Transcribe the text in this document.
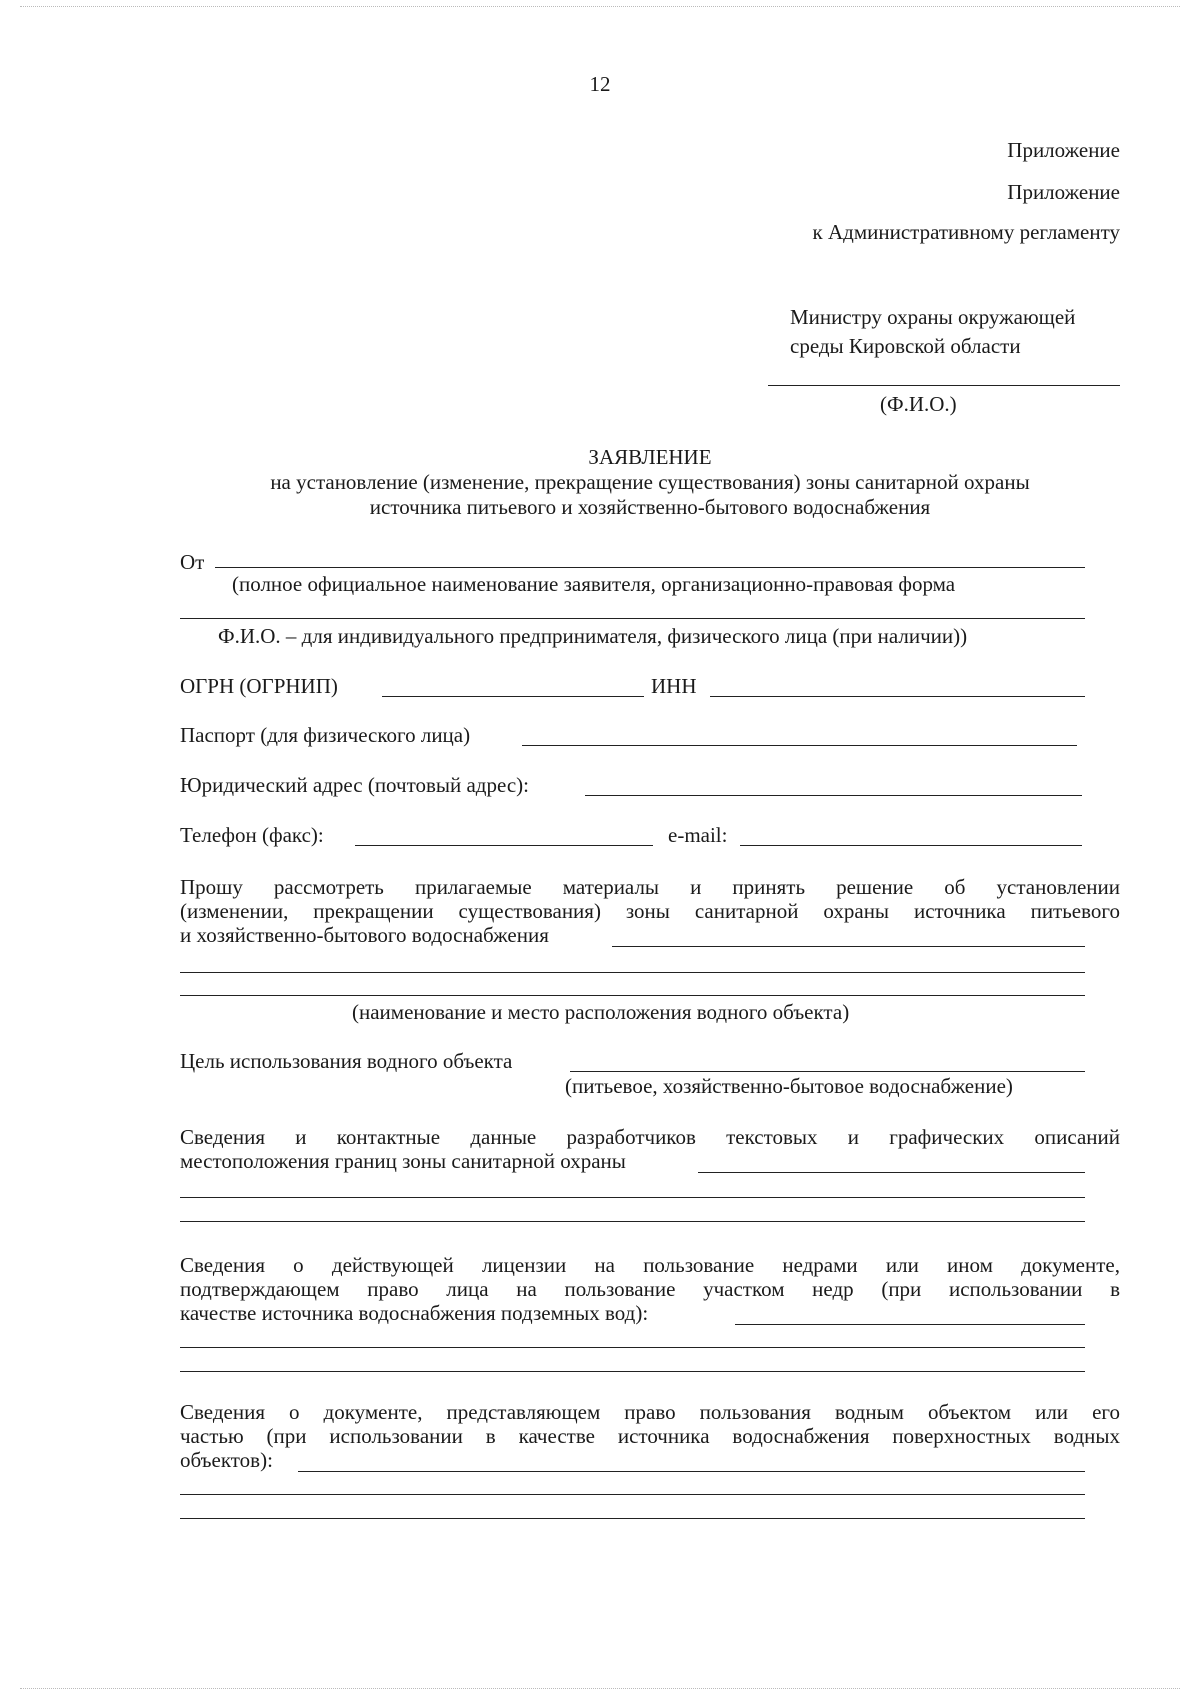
12
Приложение
Приложение
к Административному регламенту
Министру охраны окружающей
среды Кировской области
(Ф.И.О.)
ЗАЯВЛЕНИЕ
на установление (изменение, прекращение существования) зоны санитарной охраны
источника питьевого и хозяйственно-бытового водоснабжения
От
(полное официальное наименование заявителя, организационно-правовая форма
Ф.И.О. – для индивидуального предпринимателя, физического лица (при наличии))
ОГРН (ОГРНИП)	ИНН
Паспорт (для физического лица)
Юридический адрес (почтовый адрес):
Телефон (факс):	e-mail:
Прошу рассмотреть прилагаемые материалы и принять решение об установлении
(изменении, прекращении существования) зоны санитарной охраны источника питьевого
и хозяйственно-бытового водоснабжения
(наименование и место расположения водного объекта)
Цель использования водного объекта
(питьевое, хозяйственно-бытовое водоснабжение)
Сведения и контактные данные разработчиков текстовых и графических описаний
местоположения границ зоны санитарной охраны
Сведения о действующей лицензии на пользование недрами или ином документе,
подтверждающем право лица на пользование участком недр (при использовании в
качестве источника водоснабжения подземных вод):
Сведения о документе, представляющем право пользования водным объектом или его
частью (при использовании в качестве источника водоснабжения поверхностных водных
объектов):
